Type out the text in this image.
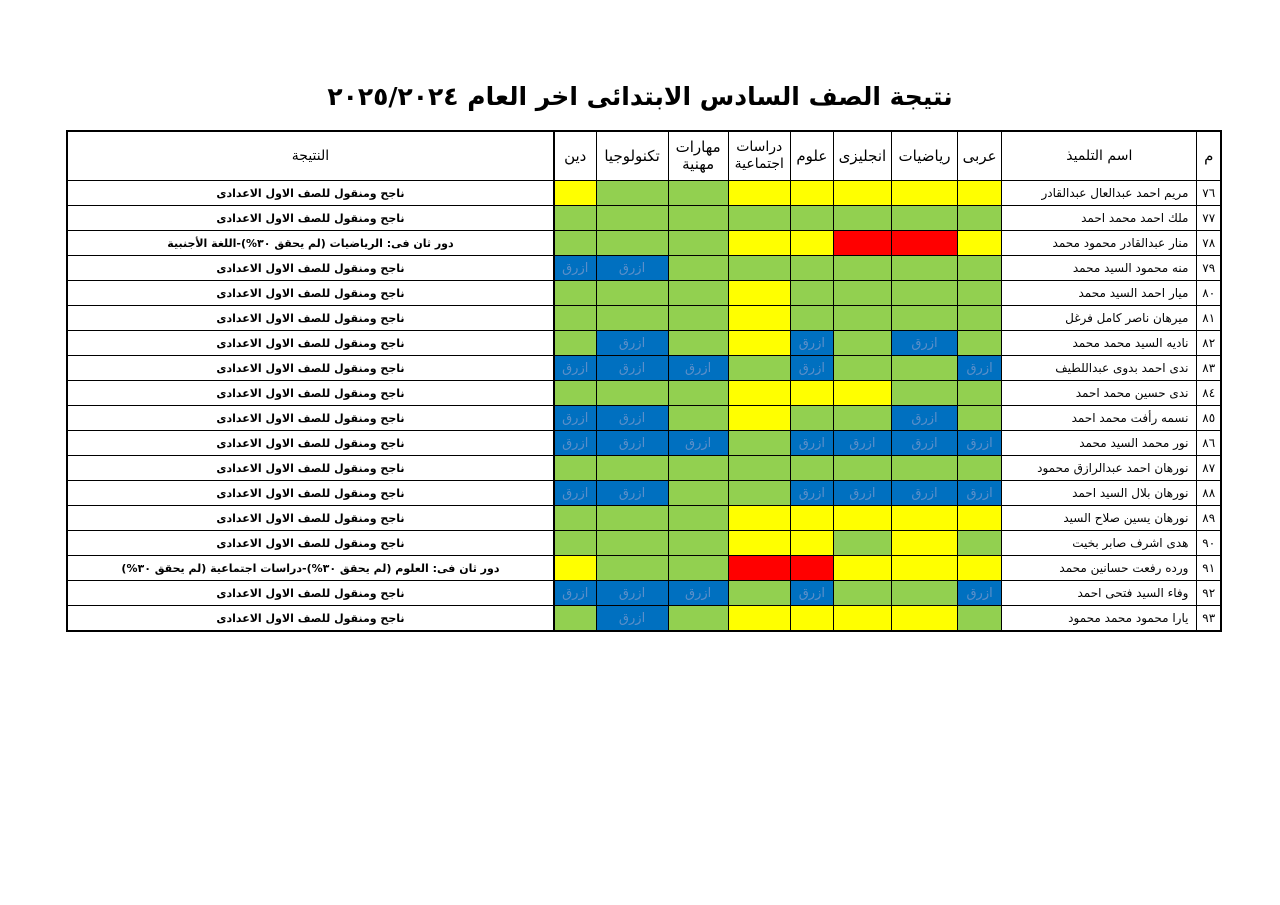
نتيجة الصف السادس الابتدائى اخر العام ٢٠٢٥/٢٠٢٤
م	اسم التلميذ	عربى	رياضيات	انجليزى	علوم	دراسات اجتماعية	مهارات مهنية	تكنولوجيا	دين	النتيجة
٧٦	مريم احمد عبدالعال عبدالقادر									ناجح ومنقول للصف الاول الاعدادى
٧٧	ملك احمد محمد احمد									ناجح ومنقول للصف الاول الاعدادى
٧٨	منار عبدالقادر محمود محمد									دور ثان فى: الرياضيات (لم يحقق ٣٠%)-اللغة الأجنبية
٧٩	منه محمود السيد محمد							ازرق	ازرق	ناجح ومنقول للصف الاول الاعدادى
٨٠	ميار احمد السيد محمد									ناجح ومنقول للصف الاول الاعدادى
٨١	ميرهان ناصر كامل فرغل									ناجح ومنقول للصف الاول الاعدادى
٨٢	ناديه السيد محمد محمد		ازرق		ازرق			ازرق		ناجح ومنقول للصف الاول الاعدادى
٨٣	ندى احمد بدوى عبداللطيف	ازرق			ازرق		ازرق	ازرق	ازرق	ناجح ومنقول للصف الاول الاعدادى
٨٤	ندى حسين محمد احمد									ناجح ومنقول للصف الاول الاعدادى
٨٥	نسمه رأفت محمد احمد		ازرق					ازرق	ازرق	ناجح ومنقول للصف الاول الاعدادى
٨٦	نور محمد السيد محمد	ازرق	ازرق	ازرق	ازرق		ازرق	ازرق	ازرق	ناجح ومنقول للصف الاول الاعدادى
٨٧	نورهان احمد عبدالرازق محمود									ناجح ومنقول للصف الاول الاعدادى
٨٨	نورهان بلال السيد احمد	ازرق	ازرق	ازرق	ازرق			ازرق	ازرق	ناجح ومنقول للصف الاول الاعدادى
٨٩	نورهان يسين صلاح السيد									ناجح ومنقول للصف الاول الاعدادى
٩٠	هدى اشرف صابر بخيت									ناجح ومنقول للصف الاول الاعدادى
٩١	ورده رفعت حسانين محمد									دور ثان فى: العلوم (لم يحقق ٣٠%)-دراسات اجتماعية (لم يحقق ٣٠%)
٩٢	وفاء السيد فتحى احمد	ازرق			ازرق		ازرق	ازرق	ازرق	ناجح ومنقول للصف الاول الاعدادى
٩٣	يارا محمود محمد محمود							ازرق		ناجح ومنقول للصف الاول الاعدادى
